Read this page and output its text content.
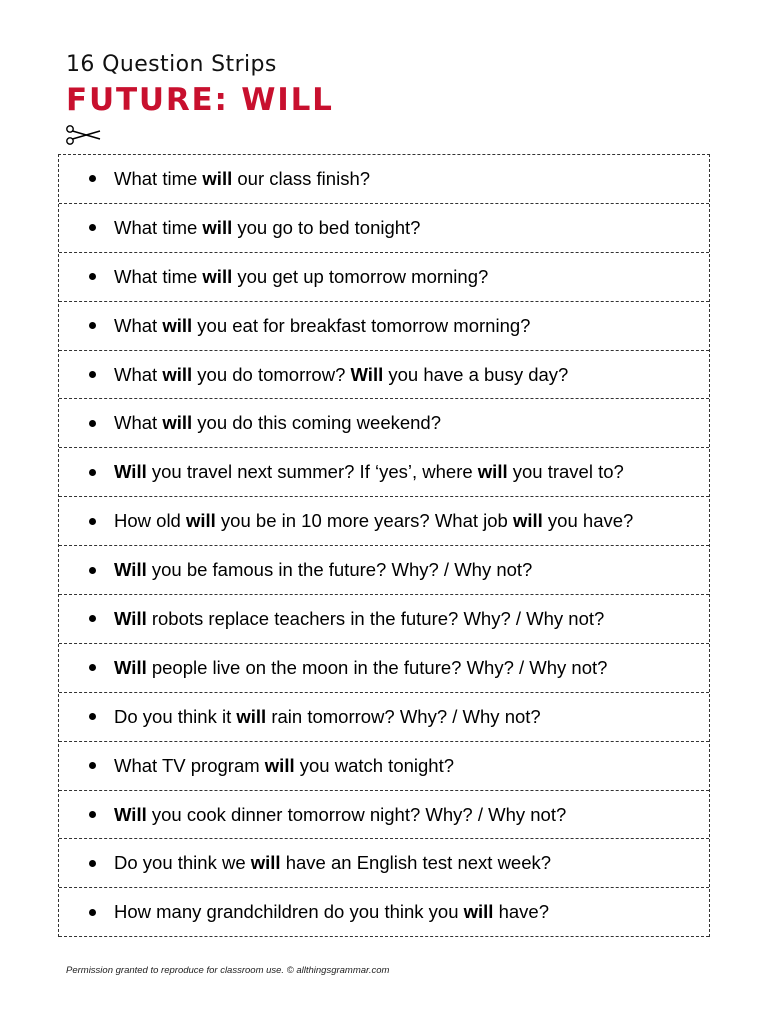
16 Question Strips
FUTURE: WILL
What time will our class finish?
What time will you go to bed tonight?
What time will you get up tomorrow morning?
What will you eat for breakfast tomorrow morning?
What will you do tomorrow? Will you have a busy day?
What will you do this coming weekend?
Will you travel next summer? If ‘yes’, where will you travel to?
How old will you be in 10 more years? What job will you have?
Will you be famous in the future? Why? / Why not?
Will robots replace teachers in the future? Why? / Why not?
Will people live on the moon in the future? Why? / Why not?
Do you think it will rain tomorrow? Why? / Why not?
What TV program will you watch tonight?
Will you cook dinner tomorrow night? Why? / Why not?
Do you think we will have an English test next week?
How many grandchildren do you think you will have?
Permission granted to reproduce for classroom use. © allthingsgrammar.com
